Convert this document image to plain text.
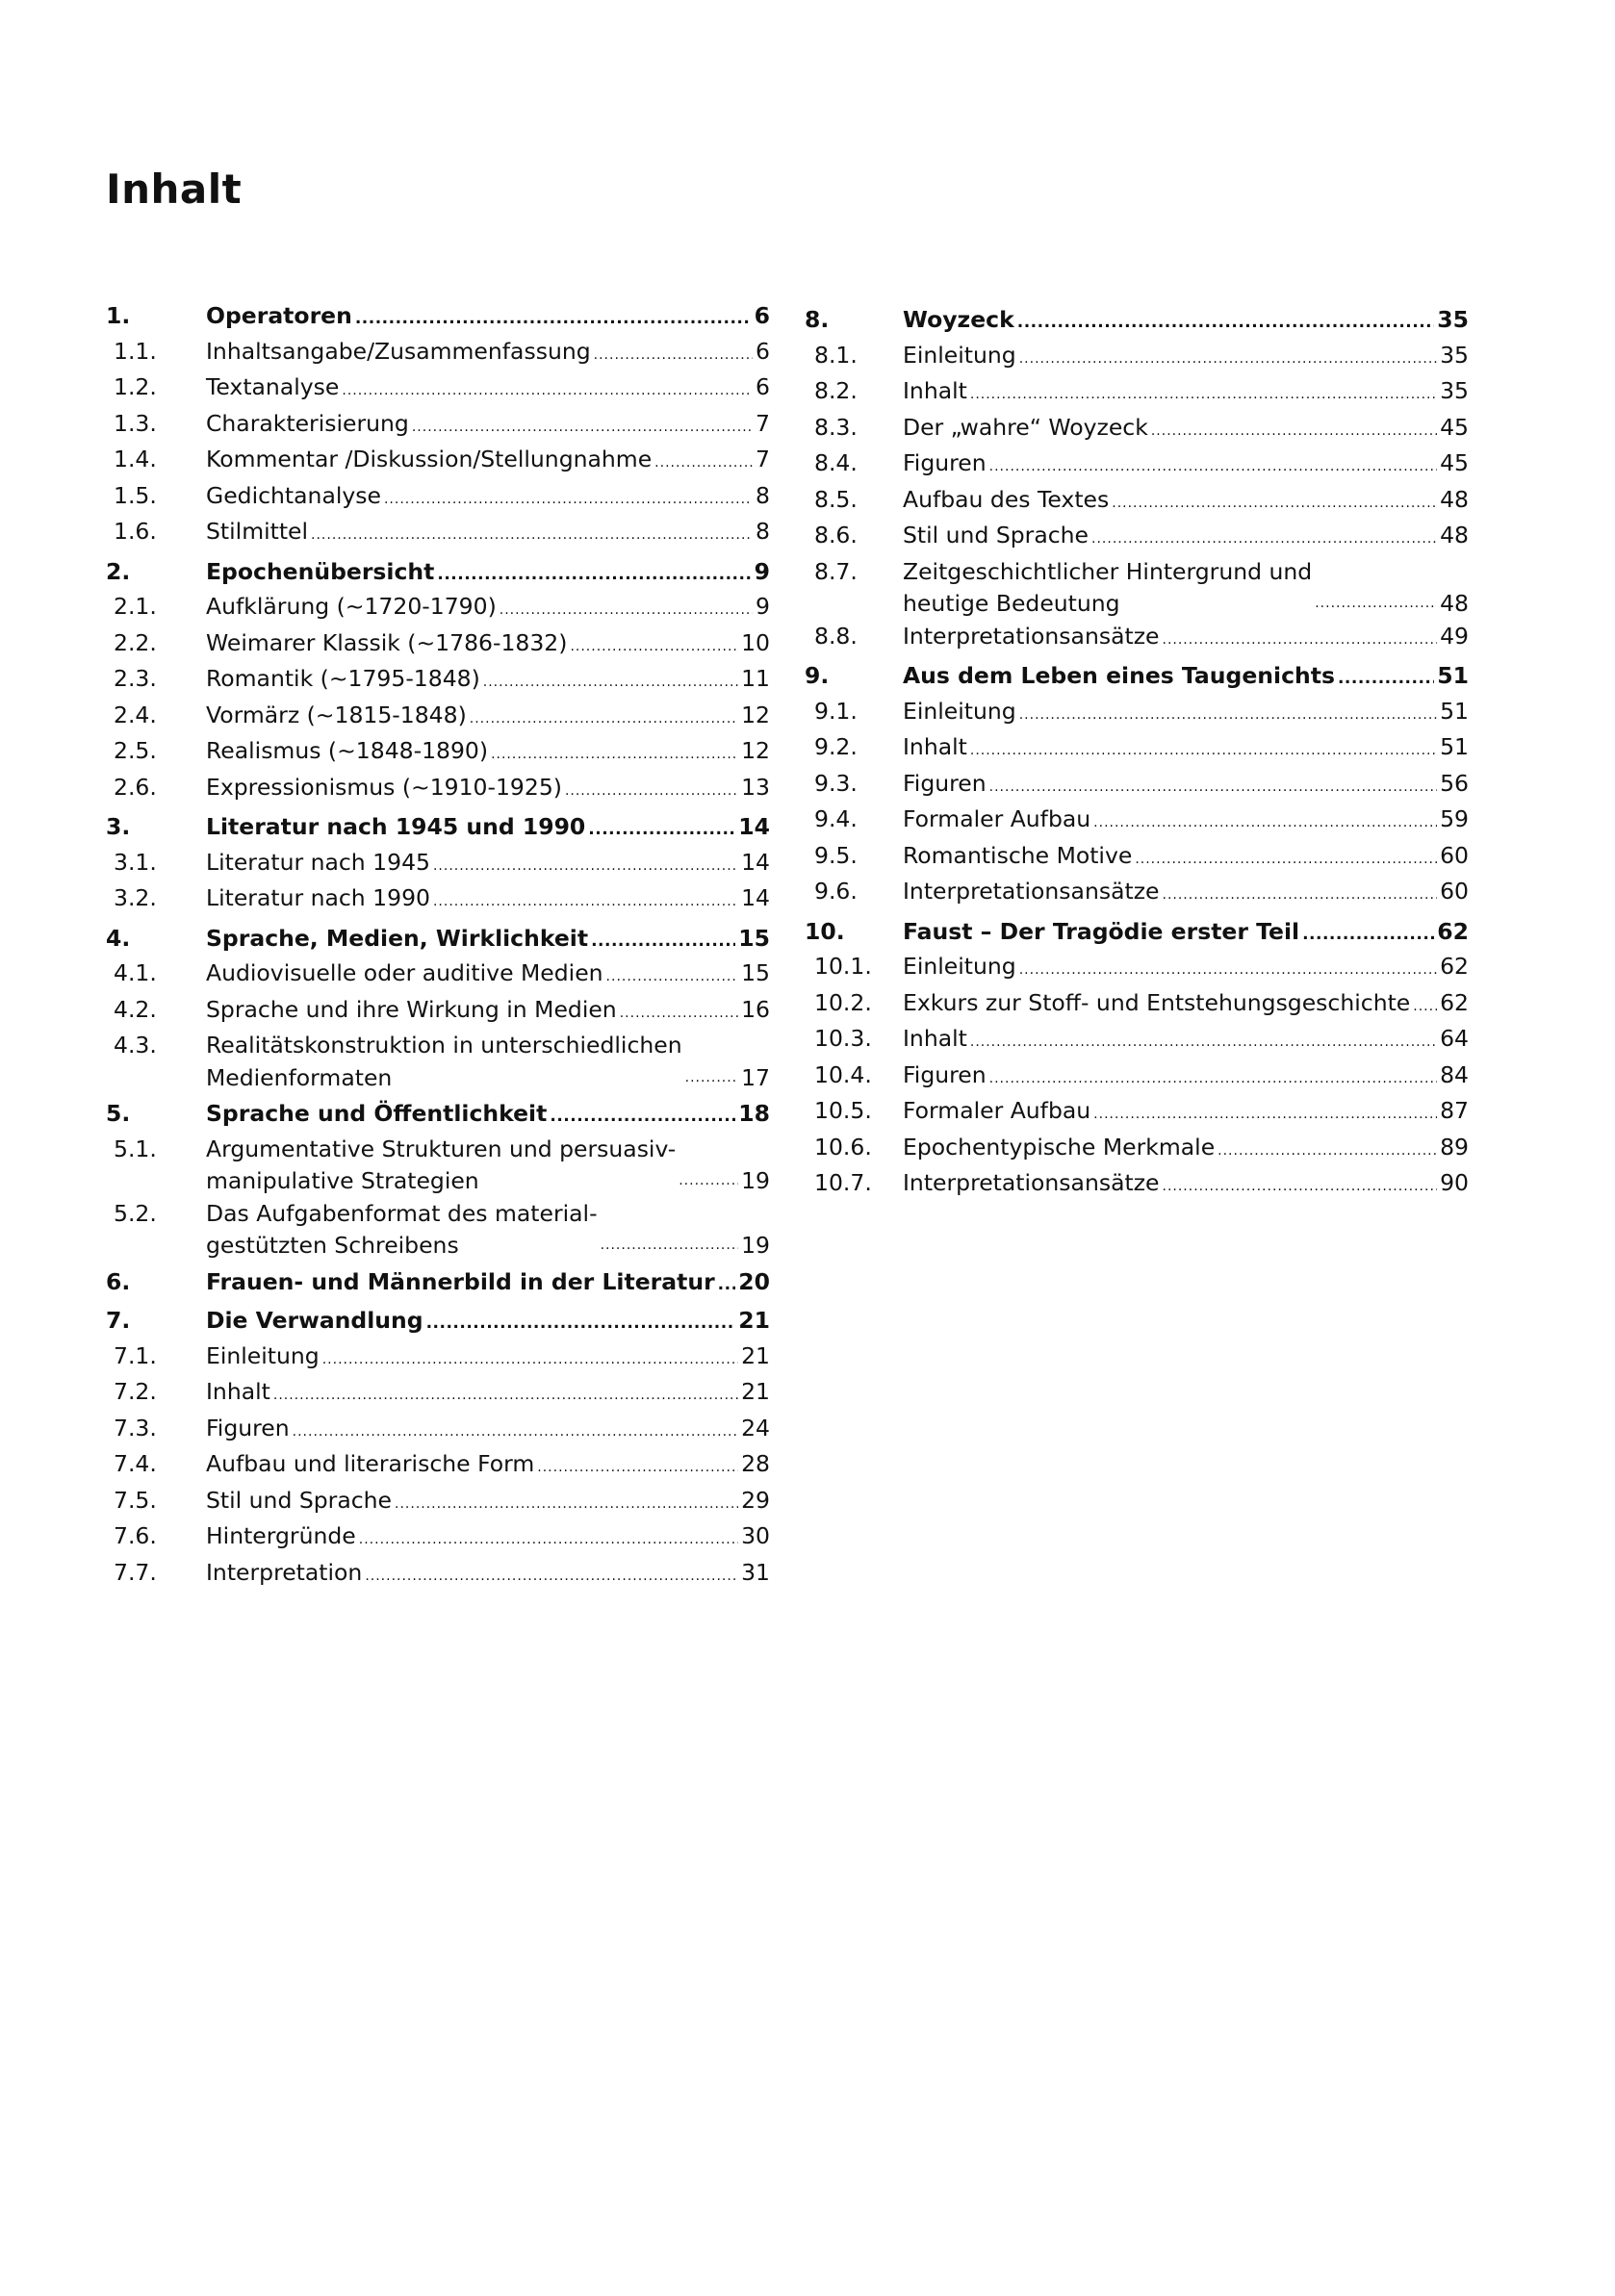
Inhalt
1.	Operatoren .....	6
1.1.	Inhaltsangabe/Zusammenfassung .....	6
1.2.	Textanalyse .....	6
1.3.	Charakterisierung .....	7
1.4.	Kommentar /Diskussion/Stellungnahme .....	7
1.5.	Gedichtanalyse .....	8
1.6.	Stilmittel .....	8
2.	Epochenübersicht .....	9
2.1.	Aufklärung (~1720-1790) .....	9
2.2.	Weimarer Klassik (~1786-1832) .....	10
2.3.	Romantik (~1795-1848) .....	11
2.4.	Vormärz (~1815-1848) .....	12
2.5.	Realismus (~1848-1890) .....	12
2.6.	Expressionismus (~1910-1925) .....	13
3.	Literatur nach 1945 und 1990 .....	14
3.1.	Literatur nach 1945 .....	14
3.2.	Literatur nach 1990 .....	14
4.	Sprache, Medien, Wirklichkeit .....	15
4.1.	Audiovisuelle oder auditive Medien .....	15
4.2.	Sprache und ihre Wirkung in Medien .....	16
4.3.	Realitätskonstruktion in unterschiedlichen
Medienformaten .....	17
5.	Sprache und Öffentlichkeit .....	18
5.1.	Argumentative Strukturen und persuasiv-
manipulative Strategien .....	19
5.2.	Das Aufgabenformat des material-
gestützten Schreibens .....	19
6.	Frauen- und Männerbild in der Literatur ..... 20
7.	Die Verwandlung .....	21
7.1.	Einleitung .....	21
7.2.	Inhalt .....	21
7.3.	Figuren .....	24
7.4.	Aufbau und literarische Form .....	28
7.5.	Stil und Sprache .....	29
7.6.	Hintergründe .....	30
7.7.	Interpretation .....	31
8.	Woyzeck .....	35
8.1.	Einleitung .....	35
8.2.	Inhalt .....	35
8.3.	Der „wahre“ Woyzeck .....	45
8.4.	Figuren .....	45
8.5.	Aufbau des Textes .....	48
8.6.	Stil und Sprache .....	48
8.7.	Zeitgeschichtlicher Hintergrund und
heutige Bedeutung .....	48
8.8.	Interpretationsansätze .....	49
9.	Aus dem Leben eines Taugenichts .....	51
9.1.	Einleitung .....	51
9.2.	Inhalt .....	51
9.3.	Figuren .....	56
9.4.	Formaler Aufbau .....	59
9.5.	Romantische Motive .....	60
9.6.	Interpretationsansätze .....	60
10.	Faust – Der Tragödie erster Teil .....	62
10.1.	Einleitung .....	62
10.2.	Exkurs zur Stoff- und Entstehungsgeschichte ..... 62
10.3.	Inhalt .....	64
10.4.	Figuren .....	84
10.5.	Formaler Aufbau .....	87
10.6.	Epochentypische Merkmale .....	89
10.7.	Interpretationsansätze .....	90
